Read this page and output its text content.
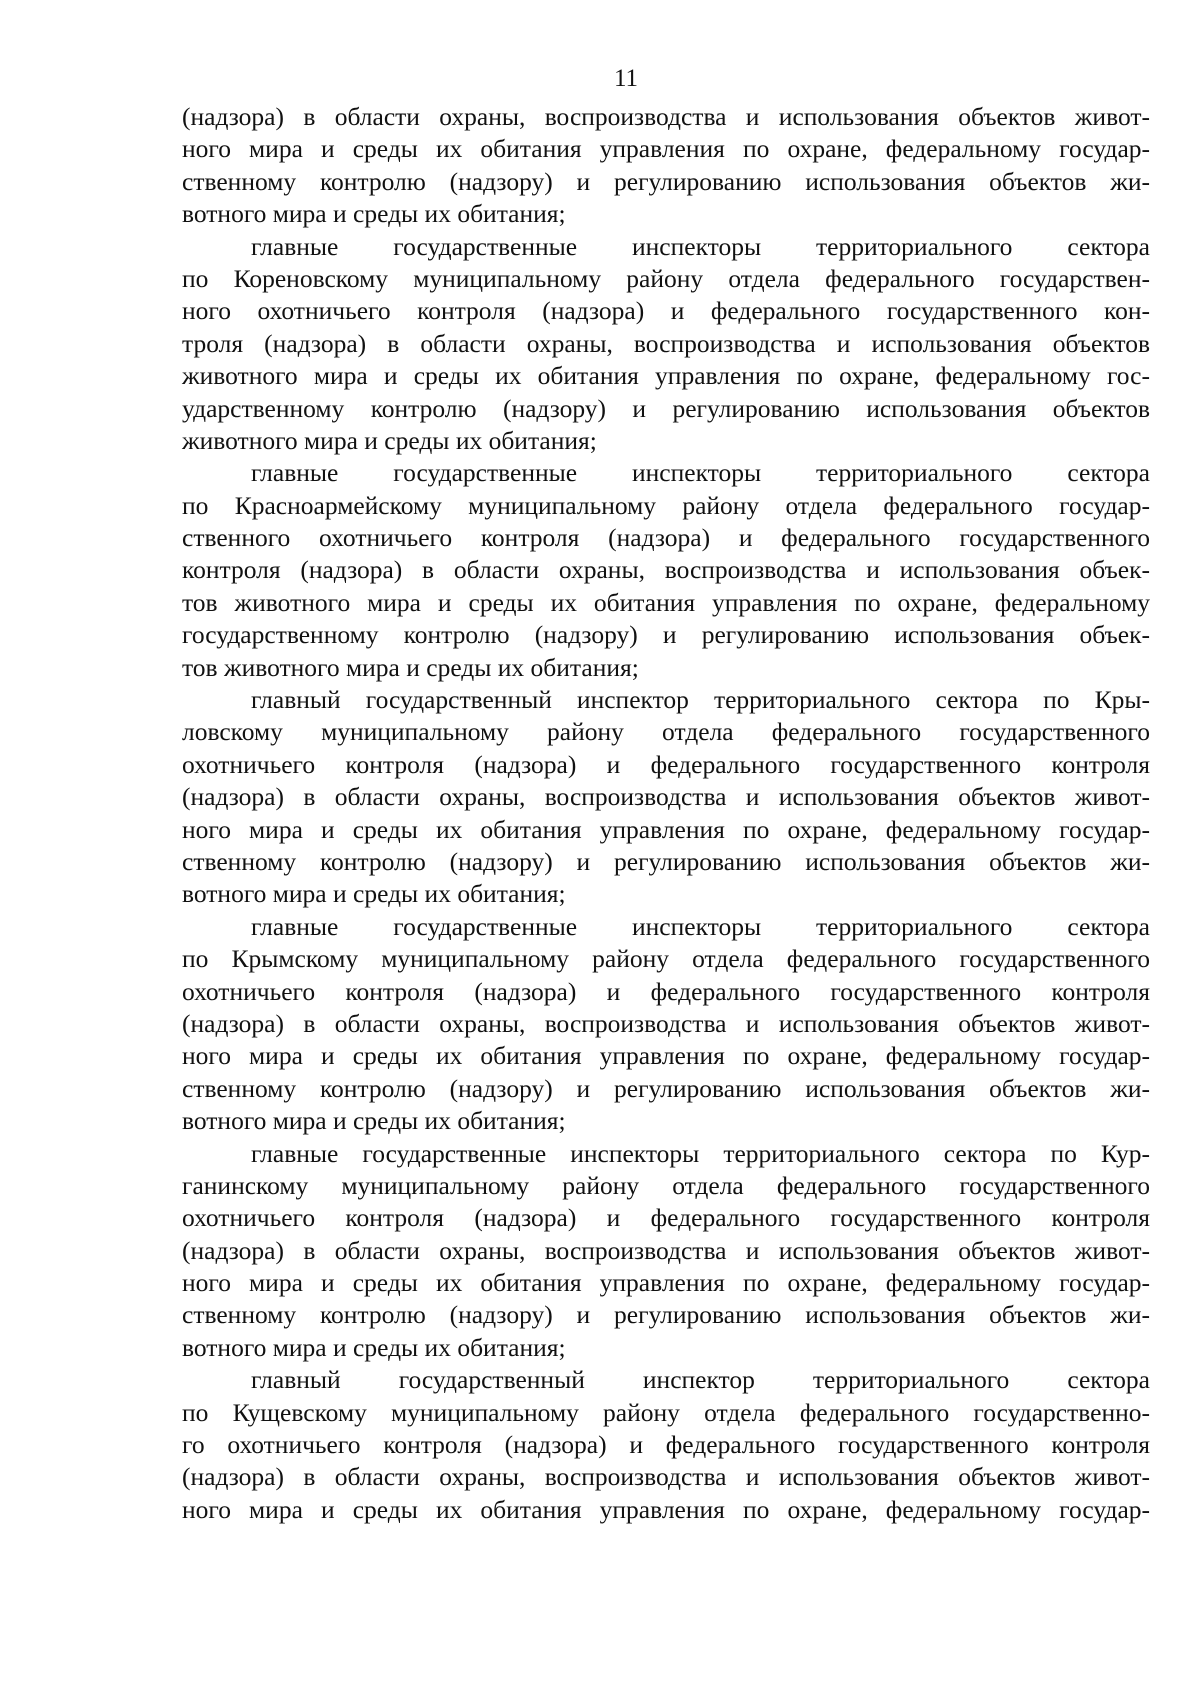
11
(надзора) в области охраны, воспроизводства и использования объектов живот-
ного мира и среды их обитания управления по охране, федеральному государ-
ственному контролю (надзору) и регулированию использования объектов жи-
вотного мира и среды их обитания;
главные государственные инспекторы территориального сектора
по Кореновскому муниципальному району отдела федерального государствен-
ного охотничьего контроля (надзора) и федерального государственного кон-
троля (надзора) в области охраны, воспроизводства и использования объектов
животного мира и среды их обитания управления по охране, федеральному гос-
ударственному контролю (надзору) и регулированию использования объектов
животного мира и среды их обитания;
главные государственные инспекторы территориального сектора
по Красноармейскому муниципальному району отдела федерального государ-
ственного охотничьего контроля (надзора) и федерального государственного
контроля (надзора) в области охраны, воспроизводства и использования объек-
тов животного мира и среды их обитания управления по охране, федеральному
государственному контролю (надзору) и регулированию использования объек-
тов животного мира и среды их обитания;
главный государственный инспектор территориального сектора по Кры-
ловскому муниципальному району отдела федерального государственного
охотничьего контроля (надзора) и федерального государственного контроля
(надзора) в области охраны, воспроизводства и использования объектов живот-
ного мира и среды их обитания управления по охране, федеральному государ-
ственному контролю (надзору) и регулированию использования объектов жи-
вотного мира и среды их обитания;
главные государственные инспекторы территориального сектора
по Крымскому муниципальному району отдела федерального государственного
охотничьего контроля (надзора) и федерального государственного контроля
(надзора) в области охраны, воспроизводства и использования объектов живот-
ного мира и среды их обитания управления по охране, федеральному государ-
ственному контролю (надзору) и регулированию использования объектов жи-
вотного мира и среды их обитания;
главные государственные инспекторы территориального сектора по Кур-
ганинскому муниципальному району отдела федерального государственного
охотничьего контроля (надзора) и федерального государственного контроля
(надзора) в области охраны, воспроизводства и использования объектов живот-
ного мира и среды их обитания управления по охране, федеральному государ-
ственному контролю (надзору) и регулированию использования объектов жи-
вотного мира и среды их обитания;
главный государственный инспектор территориального сектора
по Кущевскому муниципальному району отдела федерального государственно-
го охотничьего контроля (надзора) и федерального государственного контроля
(надзора) в области охраны, воспроизводства и использования объектов живот-
ного мира и среды их обитания управления по охране, федеральному государ-
